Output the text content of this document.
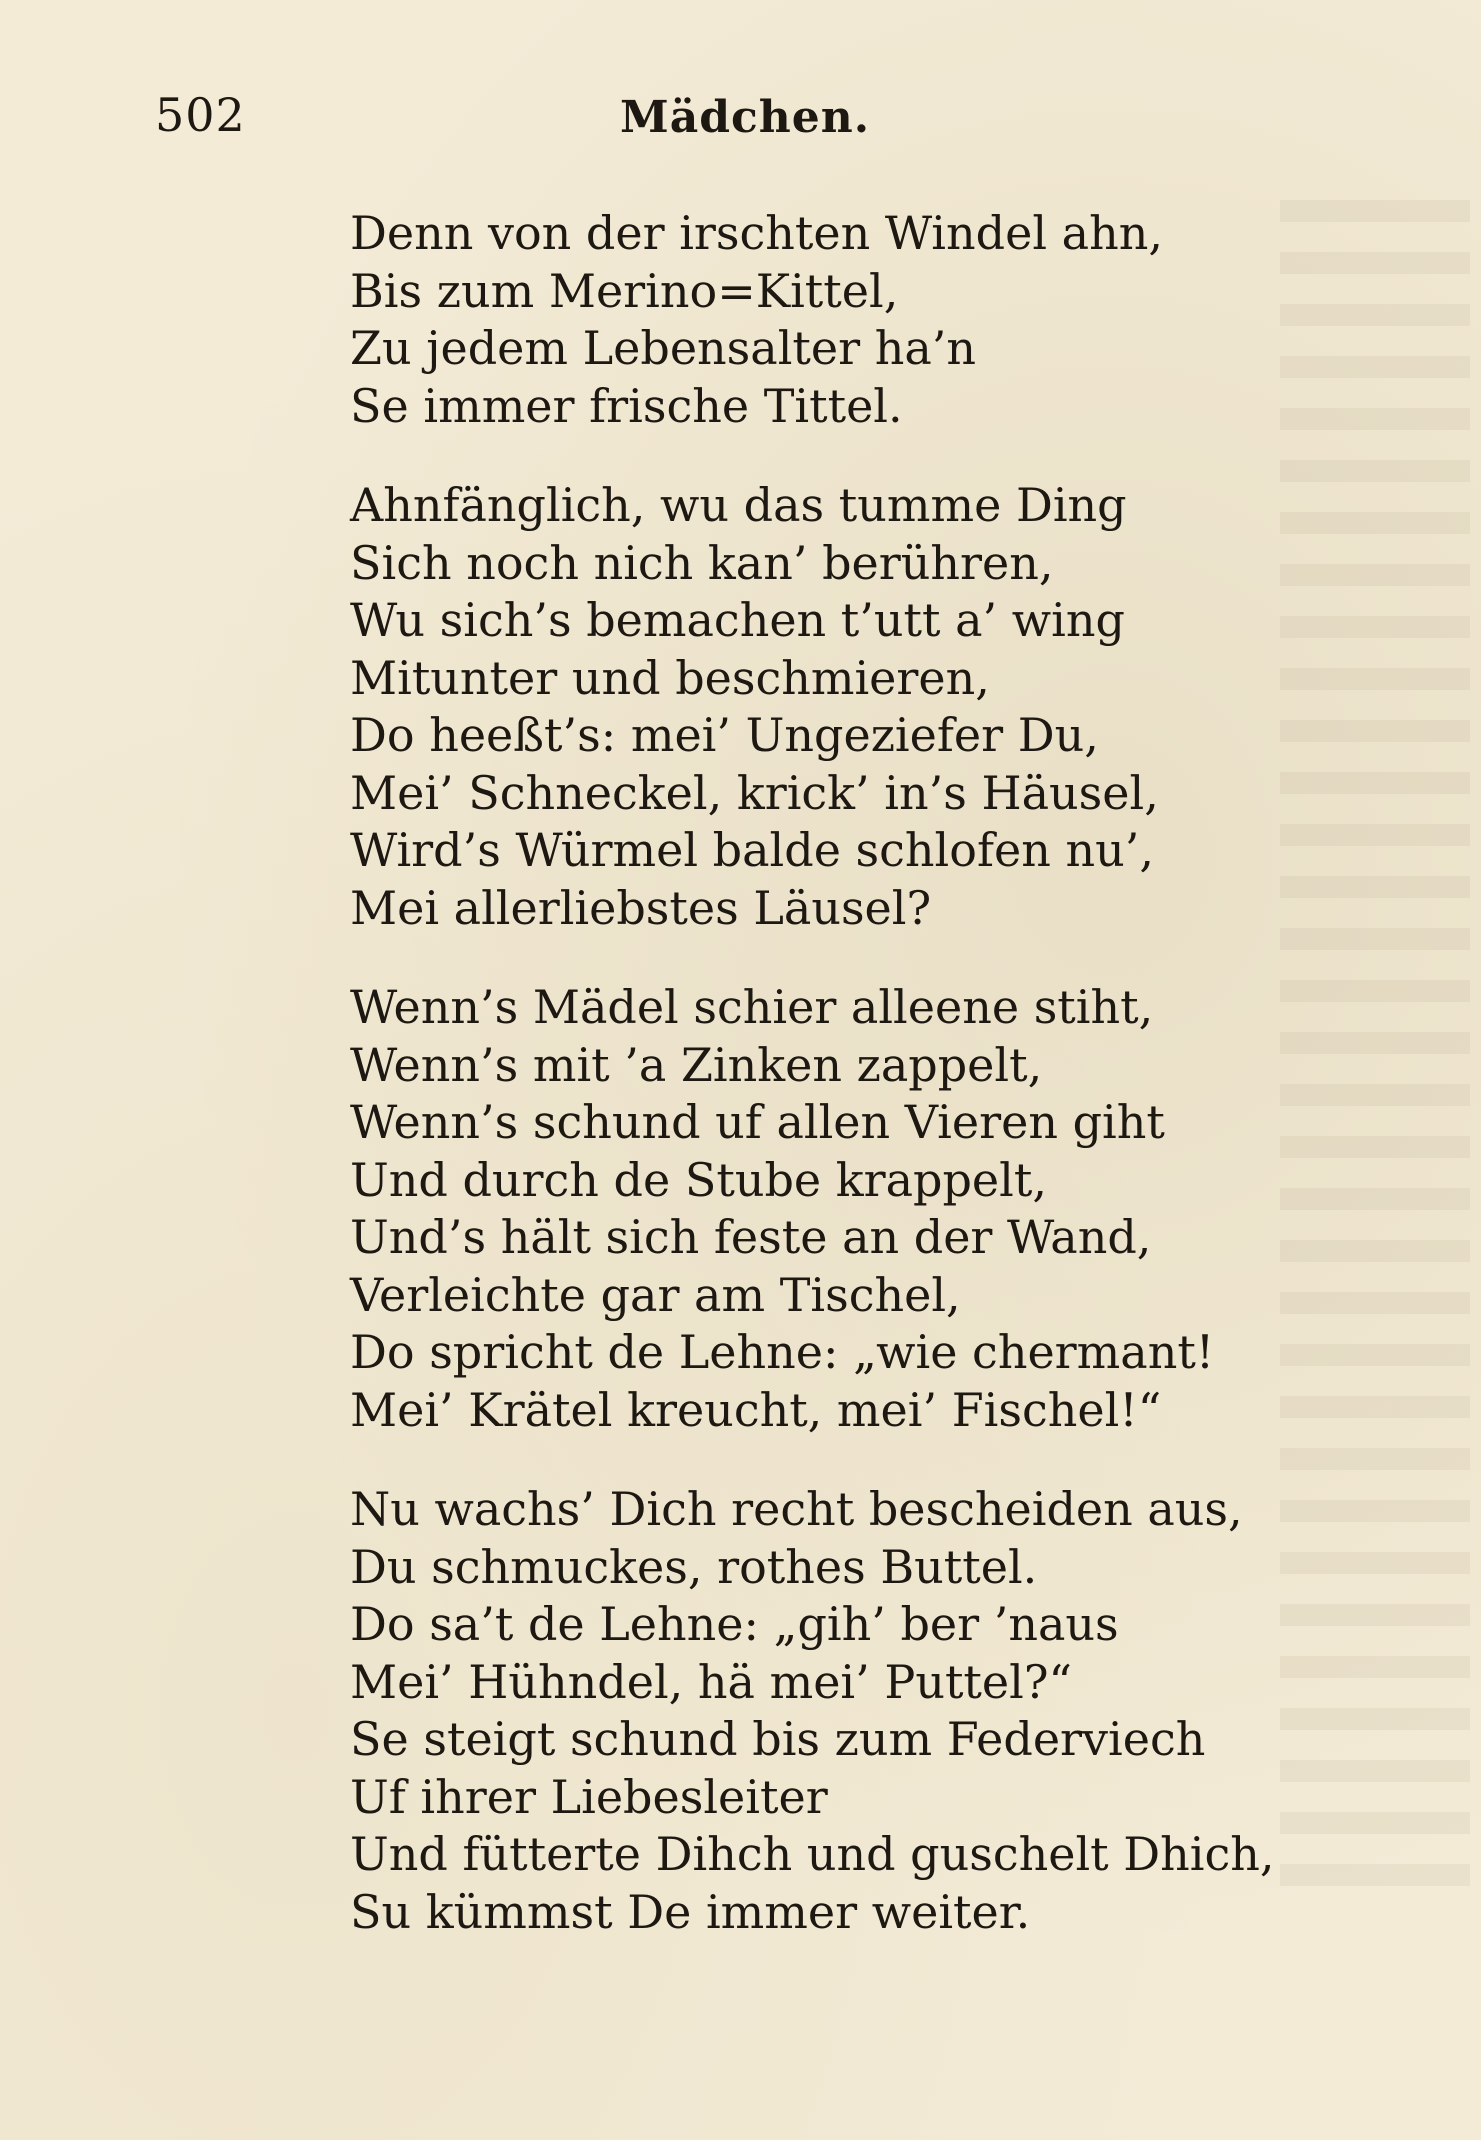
502	Mädchen.
Denn von der irschten Windel ahn,
Bis zum Merino=Kittel,
Zu jedem Lebensalter ha’n
Se immer frische Tittel.
Ahnfänglich, wu das tumme Ding
Sich noch nich kan’ berühren,
Wu sich’s bemachen t’utt a’ wing
Mitunter und beschmieren,
Do heeßt’s: mei’ Ungeziefer Du,
Mei’ Schneckel, krick’ in’s Häusel,
Wird’s Würmel balde schlofen nu’,
Mei allerliebstes Läusel?
Wenn’s Mädel schier alleene stiht,
Wenn’s mit ’a Zinken zappelt,
Wenn’s schund uf allen Vieren giht
Und durch de Stube krappelt,
Und’s hält sich feste an der Wand,
Verleichte gar am Tischel,
Do spricht de Lehne: „wie chermant!
Mei’ Krätel kreucht, mei’ Fischel!“
Nu wachs’ Dich recht bescheiden aus,
Du schmuckes, rothes Buttel.
Do sa’t de Lehne: „gih’ ber ’naus
Mei’ Hühndel, hä mei’ Puttel?“
Se steigt schund bis zum Federviech
Uf ihrer Liebesleiter
Und fütterte Dihch und guschelt Dhich,
Su kümmst De immer weiter.
